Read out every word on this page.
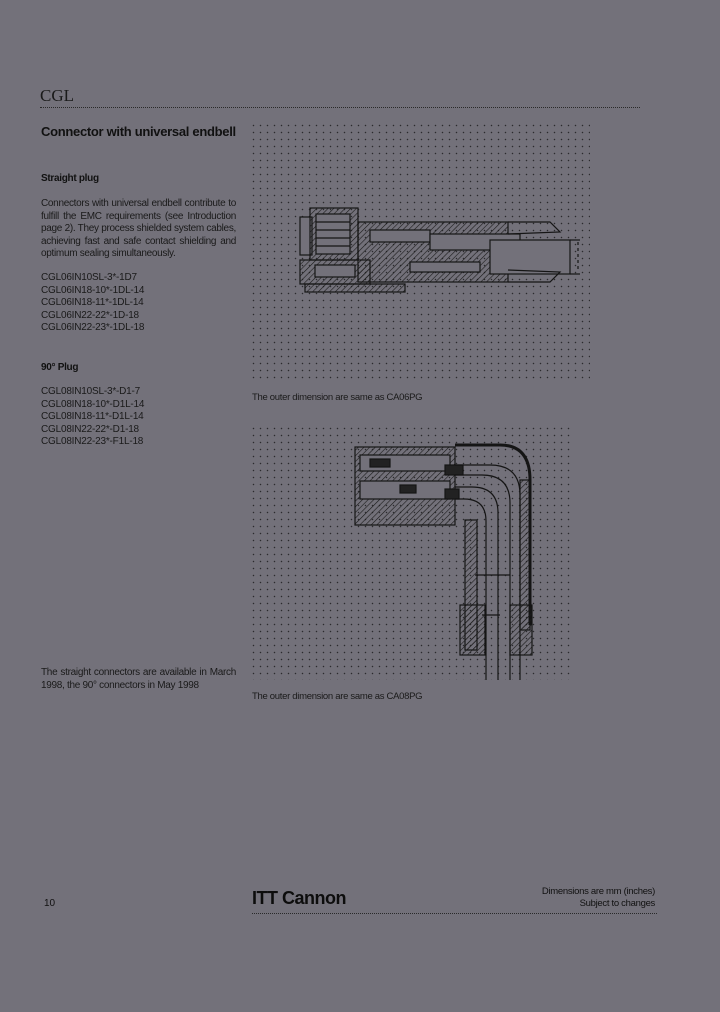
CGL
Connector with universal endbell
Straight plug
Connectors with universal endbell contribute to fulfill the EMC requirements (see Introduction page 2). They process shielded system cables, achieving fast and safe contact shielding and optimum sealing simultaneously.
CGL06IN10SL-3*-1D7
CGL06IN18-10*-1DL-14
CGL06IN18-11*-1DL-14
CGL06IN22-22*-1D-18
CGL06IN22-23*-1DL-18
90° Plug
CGL08IN10SL-3*-D1-7
CGL08IN18-10*-D1L-14
CGL08IN18-11*-D1L-14
CGL08IN22-22*-D1-18
CGL08IN22-23*-F1L-18
The straight connectors are available in March 1998, the 90° connectors in May 1998
The outer dimension are same as CA06PG
The outer dimension are same as CA08PG
10	ITT Cannon	Dimensions are mm (inches)
Subject to changes
